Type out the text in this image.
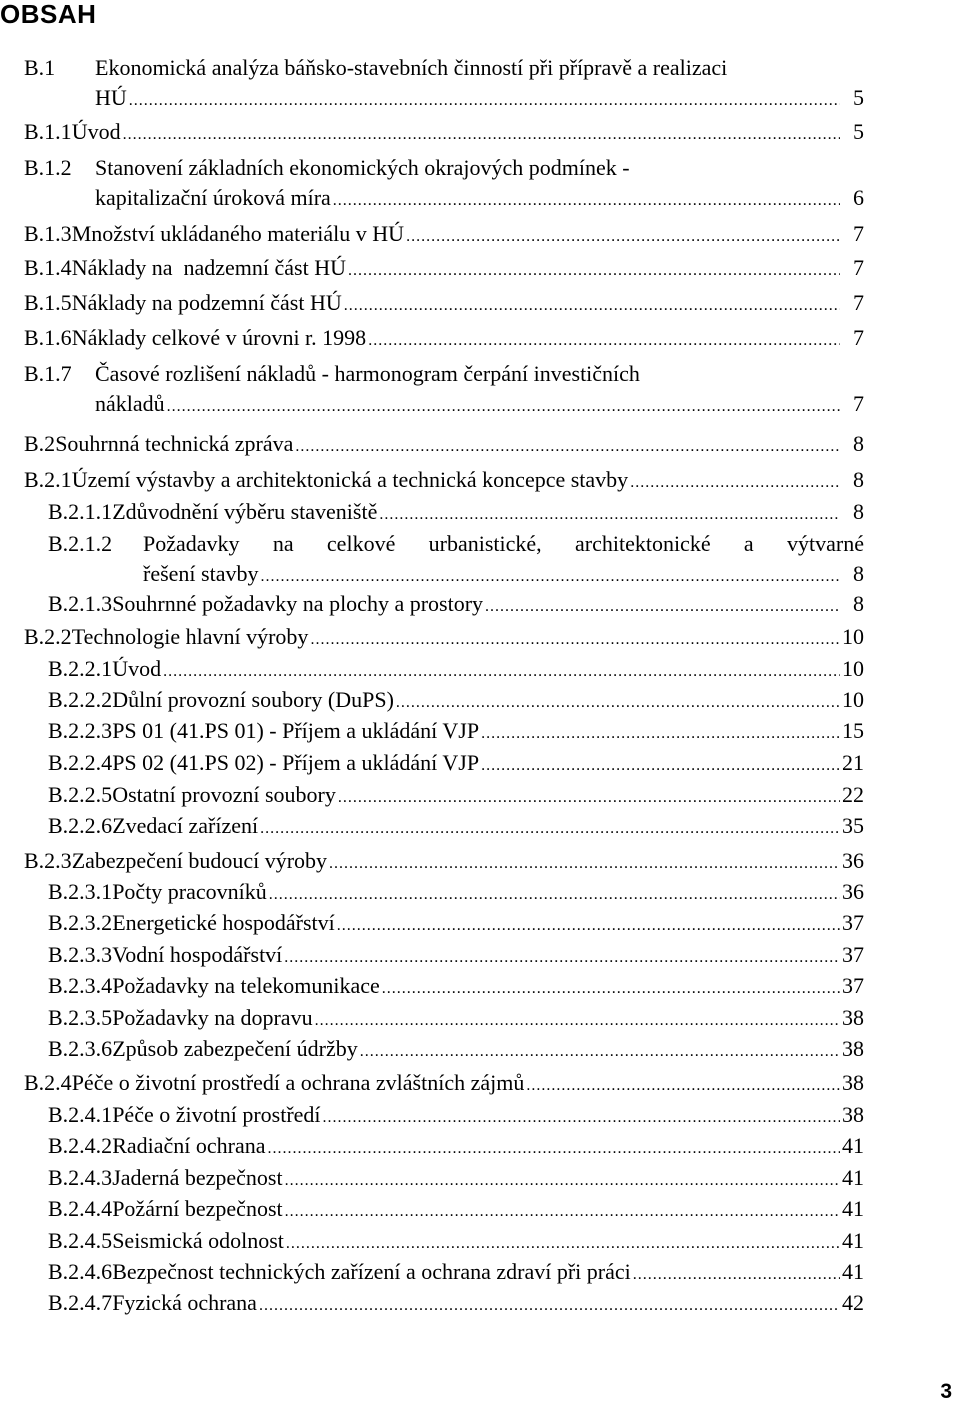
OBSAH
B.1	Ekonomická analýza báňsko-stavebních činností při přípravě a realizaci
HÚ .....	5
B.1.1 Úvod .....	5
B.1.2	Stanovení základních ekonomických okrajových podmínek -
kapitalizační úroková míra .....	6
B.1.3 Množství ukládaného materiálu v HÚ .....	7
B.1.4 Náklady na  nadzemní část HÚ .....	7
B.1.5 Náklady na podzemní část HÚ .....	7
B.1.6 Náklady celkové v úrovni r. 1998 .....	7
B.1.7	Časové rozlišení nákladů - harmonogram čerpání investičních
nákladů .....	7
B.2 Souhrnná technická zpráva .....	8
B.2.1 Území výstavby a architektonická a technická koncepce stavby .....	8
B.2.1.1 Zdůvodnění výběru staveniště .....	8
B.2.1.2	Požadavky na celkové urbanistické, architektonické a výtvarné
řešení stavby .....	8
B.2.1.3 Souhrnné požadavky na plochy a prostory .....	8
B.2.2 Technologie hlavní výroby .....	10
B.2.2.1 Úvod .....	10
B.2.2.2 Důlní provozní soubory (DuPS) .....	10
B.2.2.3 PS 01 (41.PS 01) - Příjem a ukládání VJP .....	15
B.2.2.4 PS 02 (41.PS 02) - Příjem a ukládání VJP .....	21
B.2.2.5 Ostatní provozní soubory .....	22
B.2.2.6 Zvedací zařízení .....	35
B.2.3 Zabezpečení budoucí výroby .....	36
B.2.3.1 Počty pracovníků .....	36
B.2.3.2 Energetické hospodářství .....	37
B.2.3.3 Vodní hospodářství .....	37
B.2.3.4 Požadavky na telekomunikace .....	37
B.2.3.5 Požadavky na dopravu .....	38
B.2.3.6 Způsob zabezpečení údržby .....	38
B.2.4 Péče o životní prostředí a ochrana zvláštních zájmů .....	38
B.2.4.1 Péče o životní prostředí .....	38
B.2.4.2 Radiační ochrana .....	41
B.2.4.3 Jaderná bezpečnost .....	41
B.2.4.4 Požární bezpečnost .....	41
B.2.4.5 Seismická odolnost .....	41
B.2.4.6 Bezpečnost technických zařízení a ochrana zdraví při práci .....	41
B.2.4.7 Fyzická ochrana .....	42
3
